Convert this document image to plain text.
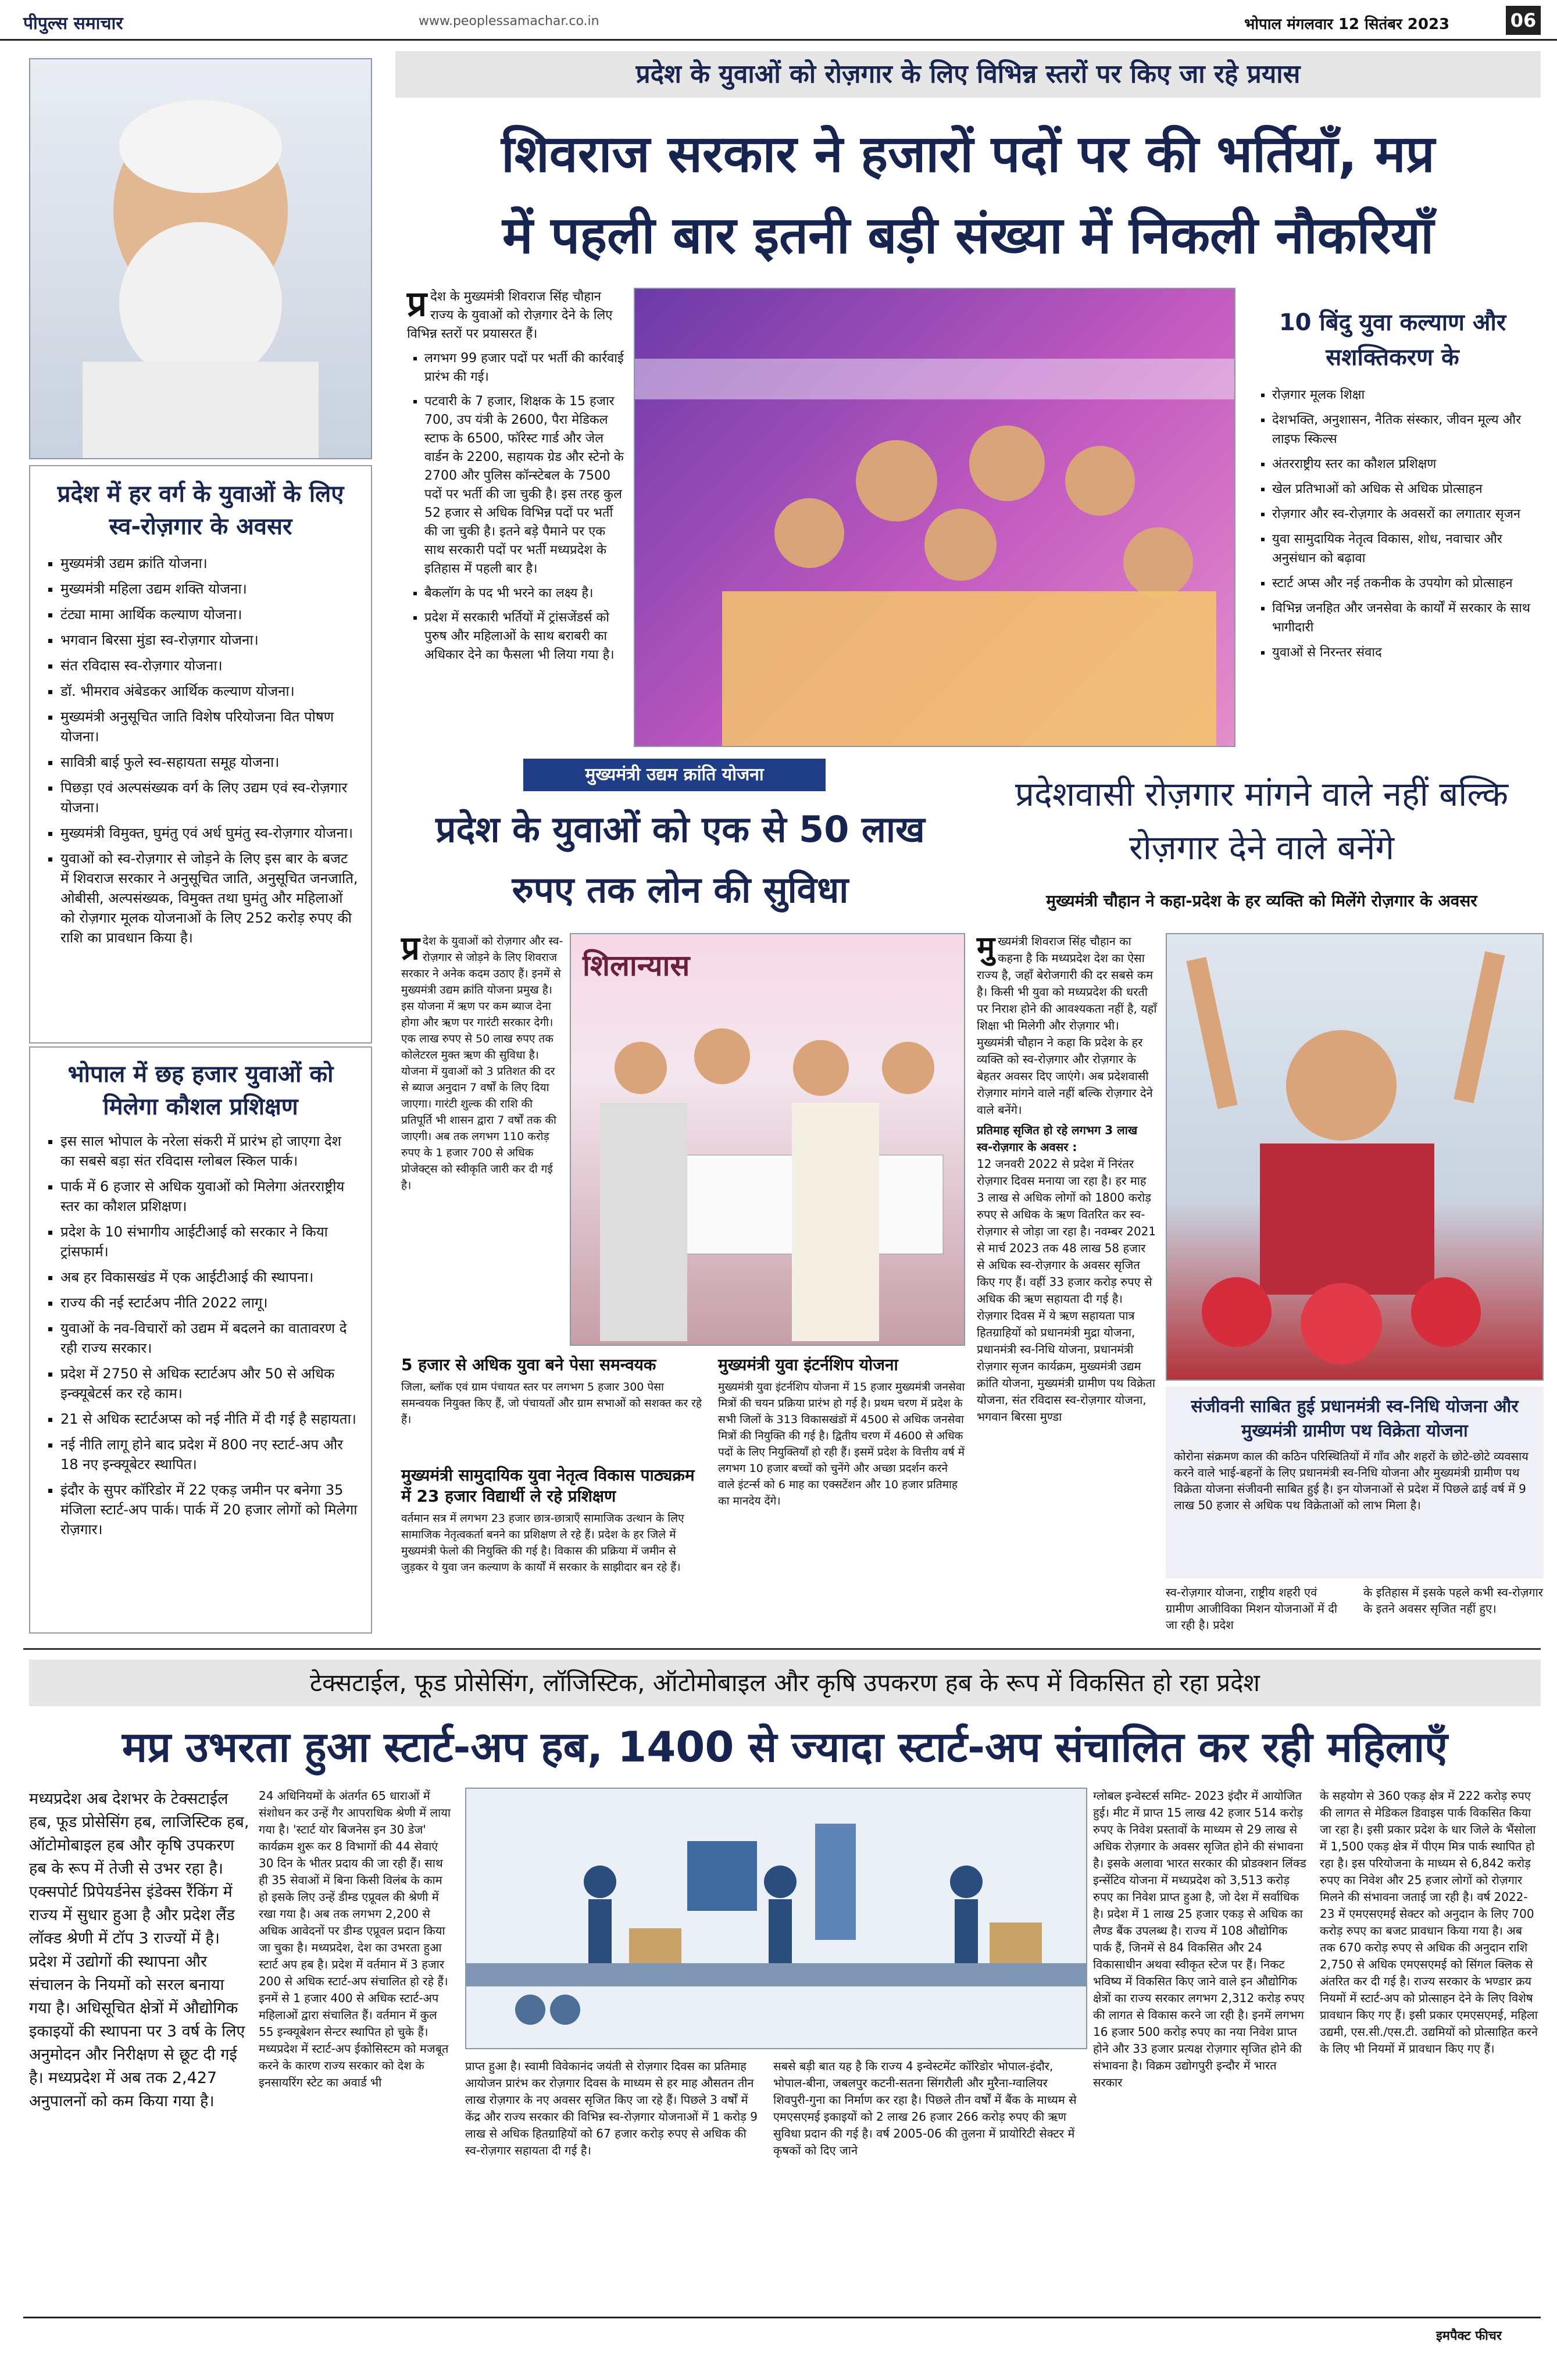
पीपुल्स समाचार	www.peoplessamachar.co.in	भोपाल मंगलवार 12 सितंबर 2023	06
प्रदेश में हर वर्ग के युवाओं के लिए स्व-रोज़गार के अवसर
▪ मुख्यमंत्री उद्यम क्रांति योजना।
▪ मुख्यमंत्री महिला उद्यम शक्ति योजना।
▪ टंट्या मामा आर्थिक कल्याण योजना।
▪ भगवान बिरसा मुंडा स्व-रोज़गार योजना।
▪ संत रविदास स्व-रोज़गार योजना।
▪ डॉ. भीमराव अंबेडकर आर्थिक कल्याण योजना।
▪ मुख्यमंत्री अनुसूचित जाति विशेष परियोजना वित पोषण योजना।
▪ सावित्री बाई फुले स्व-सहायता समूह योजना।
▪ पिछड़ा एवं अल्पसंख्यक वर्ग के लिए उद्यम एवं स्व-रोज़गार योजना।
▪ मुख्यमंत्री विमुक्त, घुमंतु एवं अर्ध घुमंतु स्व-रोज़गार योजना।
▪ युवाओं को स्व-रोज़गार से जोड़ने के लिए इस बार के बजट में शिवराज सरकार ने अनुसूचित जाति, अनुसूचित जनजाति, ओबीसी, अल्पसंख्यक, विमुक्त तथा घुमंतु और महिलाओं को रोज़गार मूलक योजनाओं के लिए 252 करोड़ रुपए की राशि का प्रावधान किया है।
भोपाल में छह हजार युवाओं को मिलेगा कौशल प्रशिक्षण
▪ इस साल भोपाल के नरेला संकरी में प्रारंभ हो जाएगा देश का सबसे बड़ा संत रविदास ग्लोबल स्किल पार्क।
▪ पार्क में 6 हजार से अधिक युवाओं को मिलेगा अंतरराष्ट्रीय स्तर का कौशल प्रशिक्षण।
▪ प्रदेश के 10 संभागीय आईटीआई को सरकार ने किया ट्रांसफार्म।
▪ अब हर विकासखंड में एक आईटीआई की स्थापना।
▪ राज्य की नई स्टार्टअप नीति 2022 लागू।
▪ युवाओं के नव-विचारों को उद्यम में बदलने का वातावरण दे रही राज्य सरकार।
▪ प्रदेश में 2750 से अधिक स्टार्टअप और 50 से अधिक इन्क्यूबेटर्स कर रहे काम।
▪ 21 से अधिक स्टार्टअप्स को नई नीति में दी गई है सहायता।
▪ नई नीति लागू होने बाद प्रदेश में 800 नए स्टार्ट-अप और 18 नए इन्क्यूबेटर स्थापित।
▪ इंदौर के सुपर कॉरिडोर में 22 एकड़ जमीन पर बनेगा 35 मंजिला स्टार्ट-अप पार्क। पार्क में 20 हजार लोगों को मिलेगा रोज़गार।
प्रदेश के युवाओं को रोज़गार के लिए विभिन्न स्तरों पर किए जा रहे प्रयास
शिवराज सरकार ने हजारों पदों पर की भर्तियाँ, मप्र
में पहली बार इतनी बड़ी संख्या में निकली नौकरियाँ
प्र देश के मुख्यमंत्री शिवराज सिंह चौहान राज्य के युवाओं को रोज़गार देने के लिए विभिन्न स्तरों पर प्रयासरत हैं।
▪ लगभग 99 हजार पदों पर भर्ती की कार्रवाई प्रारंभ की गई।
▪ पटवारी के 7 हजार, शिक्षक के 15 हजार 700, उप यंत्री के 2600, पैरा मेडिकल स्टाफ के 6500, फॉरेस्ट गार्ड और जेल वार्डन के 2200, सहायक ग्रेड और स्टेनो के 2700 और पुलिस कॉन्स्टेबल के 7500 पदों पर भर्ती की जा चुकी है। इस तरह कुल 52 हजार से अधिक विभिन्न पदों पर भर्ती की जा चुकी है। इतने बड़े पैमाने पर एक साथ सरकारी पदों पर भर्ती मध्यप्रदेश के इतिहास में पहली बार है।
▪ बैकलॉग के पद भी भरने का लक्ष्य है।
▪ प्रदेश में सरकारी भर्तियों में ट्रांसजेंडर्स को पुरुष और महिलाओं के साथ बराबरी का अधिकार देने का फैसला भी लिया गया है।
10 बिंदु युवा कल्याण और सशक्तिकरण के
▪ रोज़गार मूलक शिक्षा
▪ देशभक्ति, अनुशासन, नैतिक संस्कार, जीवन मूल्य और लाइफ स्किल्स
▪ अंतरराष्ट्रीय स्तर का कौशल प्रशिक्षण
▪ खेल प्रतिभाओं को अधिक से अधिक प्रोत्साहन
▪ रोज़गार और स्व-रोज़गार के अवसरों का लगातार सृजन
▪ युवा सामुदायिक नेतृत्व विकास, शोध, नवाचार और अनुसंधान को बढ़ावा
▪ स्टार्ट अप्स और नई तकनीक के उपयोग को प्रोत्साहन
▪ विभिन्न जनहित और जनसेवा के कार्यों में सरकार के साथ भागीदारी
▪ युवाओं से निरन्तर संवाद
मुख्यमंत्री उद्यम क्रांति योजना
प्रदेश के युवाओं को एक से 50 लाख रुपए तक लोन की सुविधा
प्र देश के युवाओं को रोज़गार और स्व-रोज़गार से जोड़ने के लिए शिवराज सरकार ने अनेक कदम उठाए हैं। इनमें से मुख्यमंत्री उद्यम क्रांति योजना प्रमुख है। इस योजना में ऋण पर कम ब्याज देना होगा और ऋण पर गारंटी सरकार देगी। एक लाख रुपए से 50 लाख रुपए तक कोलेटरल मुक्त ऋण की सुविधा है। योजना में युवाओं को 3 प्रतिशत की दर से ब्याज अनुदान 7 वर्षों के लिए दिया जाएगा। गारंटी शुल्क की राशि की प्रतिपूर्ति भी शासन द्वारा 7 वर्षों तक की जाएगी। अब तक लगभग 110 करोड़ रुपए के 1 हजार 700 से अधिक प्रोजेक्ट्स को स्वीकृति जारी कर दी गई है।
शिलान्यास
5 हजार से अधिक युवा बने पेसा समन्वयक
जिला, ब्लॉक एवं ग्राम पंचायत स्तर पर लगभग 5 हजार 300 पेसा समन्वयक नियुक्त किए हैं, जो पंचायतों और ग्राम सभाओं को सशक्त कर रहे हैं।
मुख्यमंत्री सामुदायिक युवा नेतृत्व विकास पाठ्यक्रम में 23 हजार विद्यार्थी ले रहे प्रशिक्षण
वर्तमान सत्र में लगभग 23 हजार छात्र-छात्राएँ सामाजिक उत्थान के लिए सामाजिक नेतृत्वकर्ता बनने का प्रशिक्षण ले रहे हैं। प्रदेश के हर जिले में मुख्यमंत्री फेलो की नियुक्ति की गई है। विकास की प्रक्रिया में जमीन से जुड़कर ये युवा जन कल्याण के कार्यों में सरकार के साझीदार बन रहे हैं।
मुख्यमंत्री युवा इंटर्नशिप योजना
मुख्यमंत्री युवा इंटर्नशिप योजना में 15 हजार मुख्यमंत्री जनसेवा मित्रों की चयन प्रक्रिया प्रारंभ हो गई है। प्रथम चरण में प्रदेश के सभी जिलों के 313 विकासखंडों में 4500 से अधिक जनसेवा मित्रों की नियुक्ति की गई है। द्वितीय चरण में 4600 से अधिक पदों के लिए नियुक्तियाँ हो रही हैं। इसमें प्रदेश के वित्तीय वर्ष में लगभग 10 हजार बच्चों को चुनेंगे और अच्छा प्रदर्शन करने वाले इंटर्न्स को 6 माह का एक्सटेंशन और 10 हजार प्रतिमाह का मानदेय देंगे।
प्रदेशवासी रोज़गार मांगने वाले नहीं बल्कि रोज़गार देने वाले बनेंगे
मुख्यमंत्री चौहान ने कहा-प्रदेश के हर व्यक्ति को मिलेंगे रोज़गार के अवसर
मुख्यमंत्री शिवराज सिंह चौहान का कहना है कि मध्यप्रदेश देश का ऐसा राज्य है, जहाँ बेरोजगारी की दर सबसे कम है। किसी भी युवा को मध्यप्रदेश की धरती पर निराश होने की आवश्यकता नहीं है, यहाँ शिक्षा भी मिलेगी और रोज़गार भी। मुख्यमंत्री चौहान ने कहा कि प्रदेश के हर व्यक्ति को स्व-रोज़गार और रोज़गार के बेहतर अवसर दिए जाएंगे। अब प्रदेशवासी रोज़गार मांगने वाले नहीं बल्कि रोज़गार देने वाले बनेंगे।
प्रतिमाह सृजित हो रहे लगभग 3 लाख स्व-रोज़गार के अवसर :
12 जनवरी 2022 से प्रदेश में निरंतर रोज़गार दिवस मनाया जा रहा है। हर माह 3 लाख से अधिक लोगों को 1800 करोड़ रुपए से अधिक के ऋण वितरित कर स्व-रोज़गार से जोड़ा जा रहा है। नवम्बर 2021 से मार्च 2023 तक 48 लाख 58 हजार से अधिक स्व-रोज़गार के अवसर सृजित किए गए हैं। वहीं 33 हजार करोड़ रुपए से अधिक की ऋण सहायता दी गई है। रोज़गार दिवस में ये ऋण सहायता पात्र हितग्राहियों को प्रधानमंत्री मुद्रा योजना, प्रधानमंत्री स्व-निधि योजना, प्रधानमंत्री रोज़गार सृजन कार्यक्रम, मुख्यमंत्री उद्यम क्रांति योजना, मुख्यमंत्री ग्रामीण पथ विक्रेता योजना, संत रविदास स्व-रोज़गार योजना, भगवान बिरसा मुण्डा	संजीवनी साबित हुई प्रधानमंत्री स्व-निधि योजना और मुख्यमंत्री ग्रामीण पथ विक्रेता योजना
कोरोना संक्रमण काल की कठिन परिस्थितियों में गाँव और शहरों के छोटे-छोटे व्यवसाय करने वाले भाई-बहनों के लिए प्रधानमंत्री स्व-निधि योजना और मुख्यमंत्री ग्रामीण पथ विक्रेता योजना संजीवनी साबित हुई है। इन योजनाओं से प्रदेश में पिछले ढाई वर्ष में 9 लाख 50 हजार से अधिक पथ विक्रेताओं को लाभ मिला है।
स्व-रोज़गार योजना, राष्ट्रीय शहरी एवं ग्रामीण आजीविका मिशन योजनाओं में दी जा रही है। प्रदेश
के इतिहास में इसके पहले कभी स्व-रोज़गार के इतने अवसर सृजित नहीं हुए।
टेक्सटाईल, फूड प्रोसेसिंग, लॉजिस्टिक, ऑटोमोबाइल और कृषि उपकरण हब के रूप में विकसित हो रहा प्रदेश
मप्र उभरता हुआ स्टार्ट-अप हब, 1400 से ज्यादा स्टार्ट-अप संचालित कर रही महिलाएँ
मध्यप्रदेश अब देशभर के टेक्सटाईल हब, फूड प्रोसेसिंग हब, लाजिस्टिक हब, ऑटोमोबाइल हब और कृषि उपकरण हब के रूप में तेजी से उभर रहा है। एक्सपोर्ट प्रिपेयर्डनेस इंडेक्स रैंकिंग में राज्य में सुधार हुआ है और प्रदेश लैंड लॉक्ड श्रेणी में टॉप 3 राज्यों में है। प्रदेश में उद्योगों की स्थापना और संचालन के नियमों को सरल बनाया गया है। अधिसूचित क्षेत्रों में औद्योगिक इकाइयों की स्थापना पर 3 वर्ष के लिए अनुमोदन और निरीक्षण से छूट दी गई है। मध्यप्रदेश में अब तक 2,427 अनुपालनों को कम किया गया है।
24 अधिनियमों के अंतर्गत 65 धाराओं में संशोधन कर उन्हें गैर आपराधिक श्रेणी में लाया गया है। 'स्टार्ट योर बिजनेस इन 30 डेज' कार्यक्रम शुरू कर 8 विभागों की 44 सेवाएं 30 दिन के भीतर प्रदाय की जा रही हैं। साथ ही 35 सेवाओं में बिना किसी विलंब के काम हो इसके लिए उन्हें डीम्ड एप्रूवल की श्रेणी में रखा गया है। अब तक लगभग 2,200 से अधिक आवेदनों पर डीम्ड एप्रूवल प्रदान किया जा चुका है। मध्यप्रदेश, देश का उभरता हुआ स्टार्ट अप हब है। प्रदेश में वर्तमान में 3 हजार 200 से अधिक स्टार्ट-अप संचालित हो रहे हैं। इनमें से 1 हजार 400 से अधिक स्टार्ट-अप महिलाओं द्वारा संचालित हैं। वर्तमान में कुल 55 इन्क्यूबेशन सेन्टर स्थापित हो चुके हैं। मध्यप्रदेश में स्टार्ट-अप ईकोसिस्टम को मजबूत करने के कारण राज्य सरकार को देश के इनसायरिंग स्टेट का अवार्ड भी
प्राप्त हुआ है। स्वामी विवेकानंद जयंती से रोज़गार दिवस का प्रतिमाह आयोजन प्रारंभ कर रोज़गार दिवस के माध्यम से हर माह औसतन तीन लाख रोज़गार के नए अवसर सृजित किए जा रहे हैं। पिछले 3 वर्षों में केंद्र और राज्य सरकार की विभिन्न स्व-रोज़गार योजनाओं में 1 करोड़ 9 लाख से अधिक हितग्राहियों को 67 हजार करोड़ रुपए से अधिक की स्व-रोज़गार सहायता दी गई है।
सबसे बड़ी बात यह है कि राज्य 4 इन्वेस्टमेंट कॉरिडोर भोपाल-इंदौर, भोपाल-बीना, जबलपुर कटनी-सतना सिंगरौली और मुरैना-ग्वालियर शिवपुरी-गुना का निर्माण कर रहा है। पिछले तीन वर्षों में बैंक के माध्यम से एमएसएमई इकाइयों को 2 लाख 26 हजार 266 करोड़ रुपए की ऋण सुविधा प्रदान की गई है। वर्ष 2005-06 की तुलना में प्रायोरिटी सेक्टर में कृषकों को दिए जाने
ग्लोबल इन्वेस्टर्स समिट- 2023 इंदौर में आयोजित हुई। मीट में प्राप्त 15 लाख 42 हजार 514 करोड़ रुपए के निवेश प्रस्तावों के माध्यम से 29 लाख से अधिक रोज़गार के अवसर सृजित होने की संभावना है। इसके अलावा भारत सरकार की प्रोडक्शन लिंक्ड इन्सेंटिव योजना में मध्यप्रदेश को 3,513 करोड़ रुपए का निवेश प्राप्त हुआ है, जो देश में सर्वाधिक है। प्रदेश में 1 लाख 25 हजार एकड़ से अधिक का लैण्ड बैंक उपलब्ध है। राज्य में 108 औद्योगिक पार्क हैं, जिनमें से 84 विकसित और 24 विकासाधीन अथवा स्वीकृत स्टेज पर हैं। निकट भविष्य में विकसित किए जाने वाले इन औद्योगिक क्षेत्रों का राज्य सरकार लगभग 2,312 करोड़ रुपए की लागत से विकास करने जा रही है। इनमें लगभग 16 हजार 500 करोड़ रुपए का नया निवेश प्राप्त होने और 33 हजार प्रत्यक्ष रोज़गार सृजित होने की संभावना है। विक्रम उद्योगपुरी इन्दौर में भारत सरकार
के सहयोग से 360 एकड़ क्षेत्र में 222 करोड़ रुपए की लागत से मेडिकल डिवाइस पार्क विकसित किया जा रहा है। इसी प्रकार प्रदेश के धार जिले के भैंसोला में 1,500 एकड़ क्षेत्र में पीएम मित्र पार्क स्थापित हो रहा है। इस परियोजना के माध्यम से 6,842 करोड़ रुपए का निवेश और 25 हजार लोगों को रोज़गार मिलने की संभावना जताई जा रही है। वर्ष 2022-23 में एमएसएमई सेक्टर को अनुदान के लिए 700 करोड़ रुपए का बजट प्रावधान किया गया है। अब तक 670 करोड़ रुपए से अधिक की अनुदान राशि 2,750 से अधिक एमएसएमई को सिंगल क्लिक से अंतरित कर दी गई है। राज्य सरकार के भण्डार क्रय नियमों में स्टार्ट-अप को प्रोत्साहन देने के लिए विशेष प्रावधान किए गए हैं। इसी प्रकार एमएसएमई, महिला उद्यमी, एस.सी./एस.टी. उद्यमियों को प्रोत्साहित करने के लिए भी नियमों में प्रावधान किए गए हैं।
इमपैक्ट फीचर
